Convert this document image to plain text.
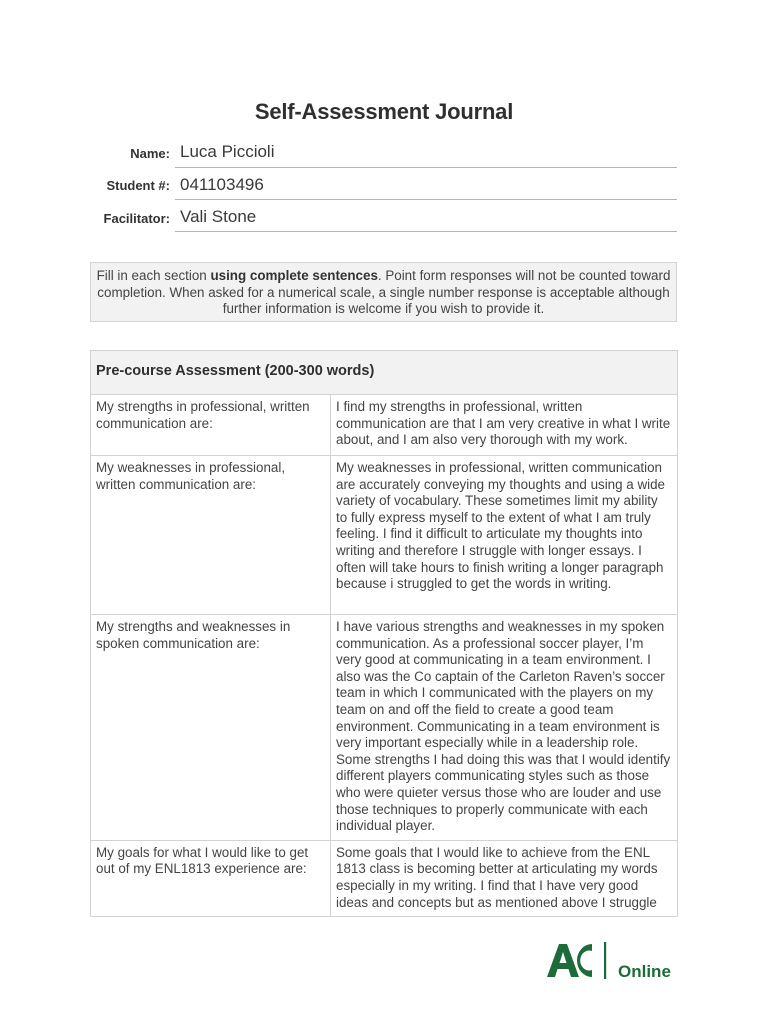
Self-Assessment Journal
Name: Luca Piccioli
Student #: 041103496
Facilitator: Vali Stone
Fill in each section using complete sentences. Point form responses will not be counted toward completion. When asked for a numerical scale, a single number response is acceptable although further information is welcome if you wish to provide it.
Pre-course Assessment (200-300 words)	
My strengths in professional, written communication are:	I find my strengths in professional, written communication are that I am very creative in what I write about, and I am also very thorough with my work.
My weaknesses in professional, written communication are:	My weaknesses in professional, written communication are accurately conveying my thoughts and using a wide variety of vocabulary. These sometimes limit my ability to fully express myself to the extent of what I am truly feeling. I find it difficult to articulate my thoughts into writing and therefore I struggle with longer essays. I often will take hours to finish writing a longer paragraph because i struggled to get the words in writing.
My strengths and weaknesses in spoken communication are:	I have various strengths and weaknesses in my spoken communication. As a professional soccer player, I’m very good at communicating in a team environment. I also was the Co captain of the Carleton Raven’s soccer team in which I communicated with the players on my team on and off the field to create a good team environment. Communicating in a team environment is very important especially while in a leadership role. Some strengths I had doing this was that I would identify different players communicating styles such as those who were quieter versus those who are louder and use those techniques to properly communicate with each individual player.
My goals for what I would like to get out of my ENL1813 experience are:	Some goals that I would like to achieve from the ENL 1813 class is becoming better at articulating my words especially in my writing. I find that I have very good ideas and concepts but as mentioned above I struggle
Online
